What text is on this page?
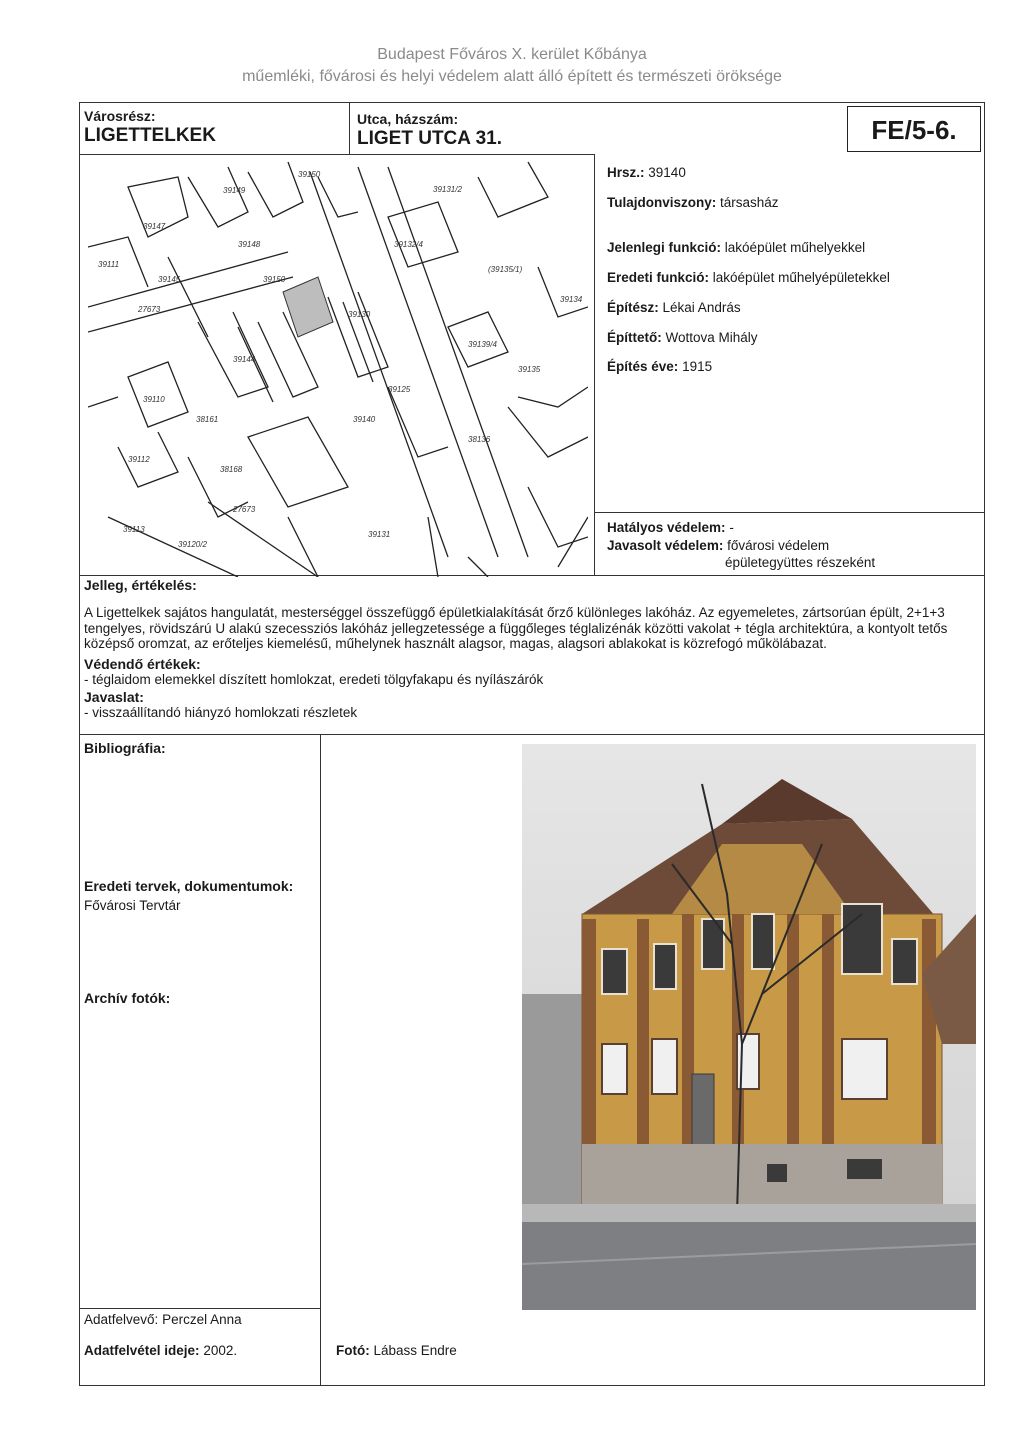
Budapest Főváros X. kerület Kőbánya
műemléki, fővárosi és helyi védelem alatt álló épített és természeti öröksége
Városrész:
LIGETTELKEK
Utca, házszám:
LIGET UTCA 31.	FE/5-6.
39150
39149	39131/2
39147
39145
39148
39150
39132/4
(39135/1)
39134
39130
39139/4
39135
39110
39144
39125
39140
39112
38136
39113
27673
39120/2
39131
39111
38161
38168
27673
Hrsz.: 39140
Tulajdonviszony: társasház
Jelenlegi funkció: lakóépület műhelyekkel
Eredeti funkció: lakóépület műhelyépületekkel
Építész: Lékai András
Építtető: Wottova Mihály
Építés éve: 1915
Hatályos védelem: -
Javasolt védelem: fővárosi védelem
épületegyüttes részeként
Jelleg, értékelés:
A Ligettelkek sajátos hangulatát, mesterséggel összefüggő épületkialakítását őrző különleges lakóház. Az egyemeletes, zártsorúan épült, 2+1+3 tengelyes, rövidszárú U alakú szecessziós lakóház jellegzetessége a függőleges téglalizénák közötti vakolat + tégla architektúra, a kontyolt tetős középső oromzat, az erőteljes kiemelésű, műhelynek használt alagsor, magas, alagsori ablakokat is közrefogó műkölábazat.
Védendő értékek:
- téglaidom elemekkel díszített homlokzat, eredeti tölgyfakapu és nyílászárók
Javaslat:
- visszaállítandó hiányzó homlokzati részletek
Bibliográfia:
Eredeti tervek, dokumentumok:
Fővárosi Tervtár
Archív fotók:
Adatfelvevő: Perczel Anna
Adatfelvétel ideje: 2002.	Fotó: Lábass Endre
